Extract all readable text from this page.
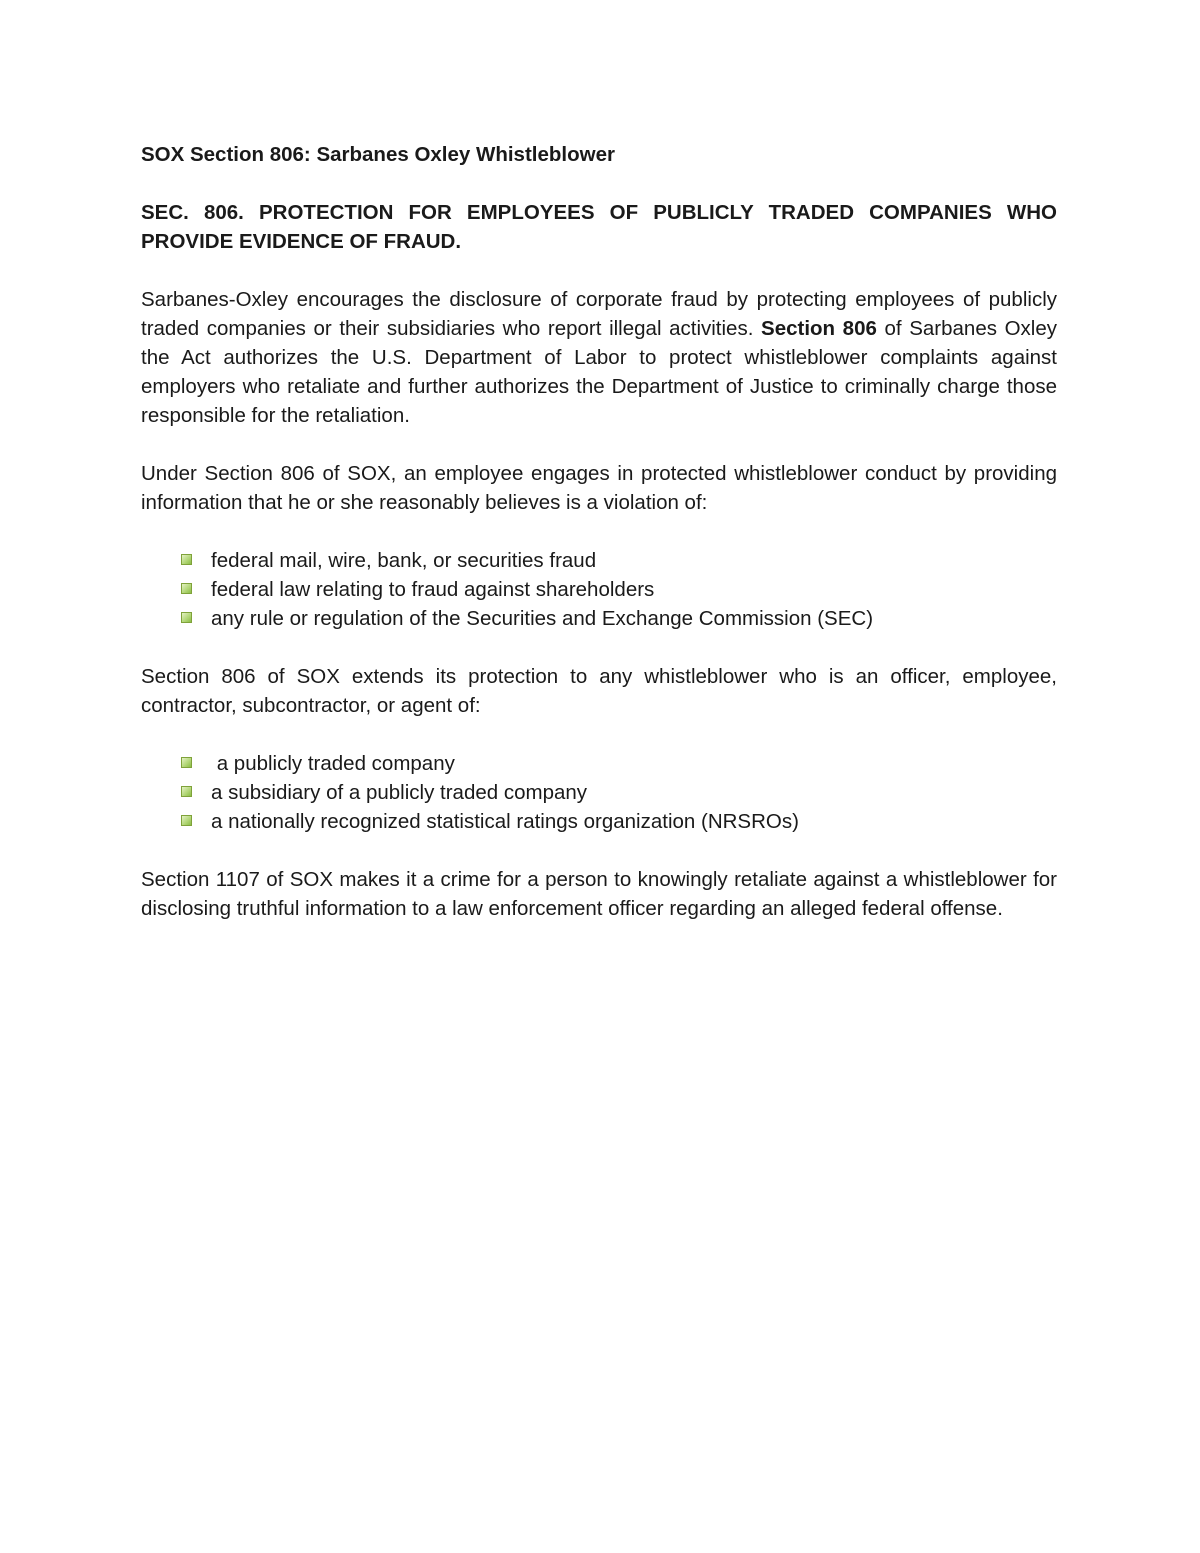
SOX Section 806: Sarbanes Oxley Whistleblower
SEC. 806. PROTECTION FOR EMPLOYEES OF PUBLICLY TRADED COMPANIES WHO PROVIDE EVIDENCE OF FRAUD.

Sarbanes-Oxley encourages the disclosure of corporate fraud by protecting employees of publicly traded companies or their subsidiaries who report illegal activities. Section 806 of Sarbanes Oxley the Act authorizes the U.S. Department of Labor to protect whistleblower complaints against employers who retaliate and further authorizes the Department of Justice to criminally charge those responsible for the retaliation.

Under Section 806 of SOX, an employee engages in protected whistleblower conduct by providing information that he or she reasonably believes is a violation of:

federal mail, wire, bank, or securities fraud
federal law relating to fraud against shareholders
any rule or regulation of the Securities and Exchange Commission (SEC)

Section 806 of SOX extends its protection to any whistleblower who is an officer, employee, contractor, subcontractor, or agent of:

a publicly traded company
a subsidiary of a publicly traded company
a nationally recognized statistical ratings organization (NRSROs)

Section 1107 of SOX makes it a crime for a person to knowingly retaliate against a whistleblower for disclosing truthful information to a law enforcement officer regarding an alleged federal offense.
